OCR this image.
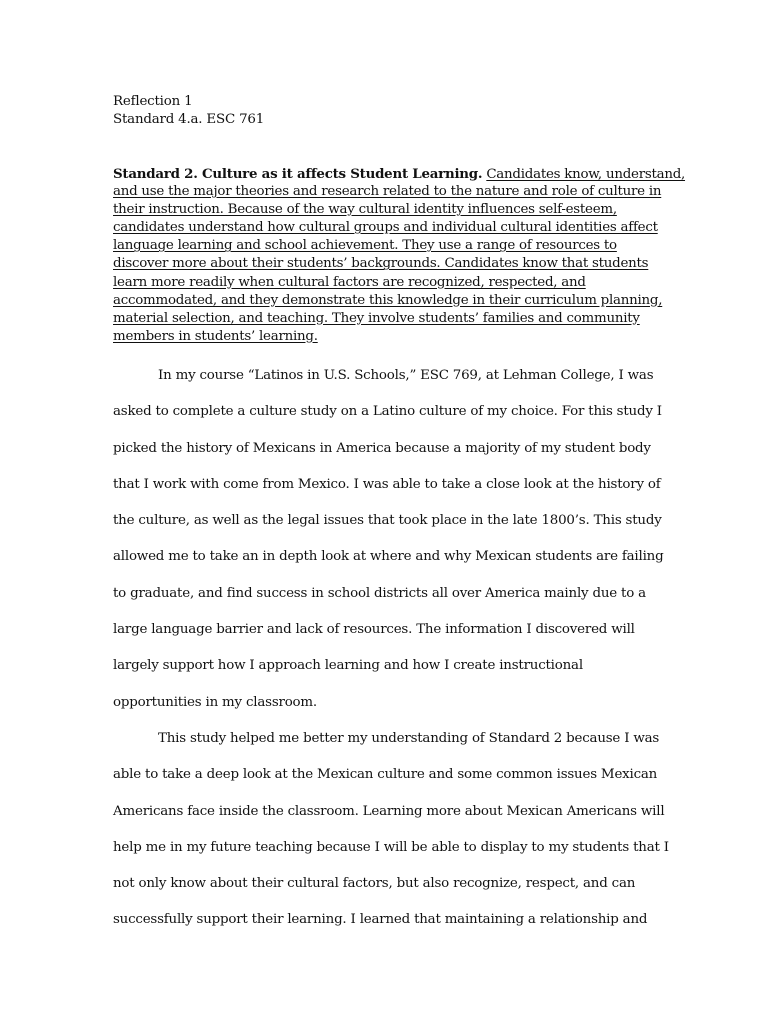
Reflection 1
Standard 4.a. ESC 761
Standard 2. Culture as it affects Student Learning. Candidates know, understand,
and use the major theories and research related to the nature and role of culture in
their instruction. Because of the way cultural identity influences self-esteem,
candidates understand how cultural groups and individual cultural identities affect
language learning and school achievement. They use a range of resources to
discover more about their students’ backgrounds. Candidates know that students
learn more readily when cultural factors are recognized, respected, and
accommodated, and they demonstrate this knowledge in their curriculum planning,
material selection, and teaching. They involve students’ families and community
members in students’ learning.
In my course “Latinos in U.S. Schools,” ESC 769, at Lehman College, I was
asked to complete a culture study on a Latino culture of my choice. For this study I
picked the history of Mexicans in America because a majority of my student body
that I work with come from Mexico. I was able to take a close look at the history of
the culture, as well as the legal issues that took place in the late 1800’s. This study
allowed me to take an in depth look at where and why Mexican students are failing
to graduate, and find success in school districts all over America mainly due to a
large language barrier and lack of resources. The information I discovered will
largely support how I approach learning and how I create instructional
opportunities in my classroom.
This study helped me better my understanding of Standard 2 because I was
able to take a deep look at the Mexican culture and some common issues Mexican
Americans face inside the classroom. Learning more about Mexican Americans will
help me in my future teaching because I will be able to display to my students that I
not only know about their cultural factors, but also recognize, respect, and can
successfully support their learning. I learned that maintaining a relationship and
